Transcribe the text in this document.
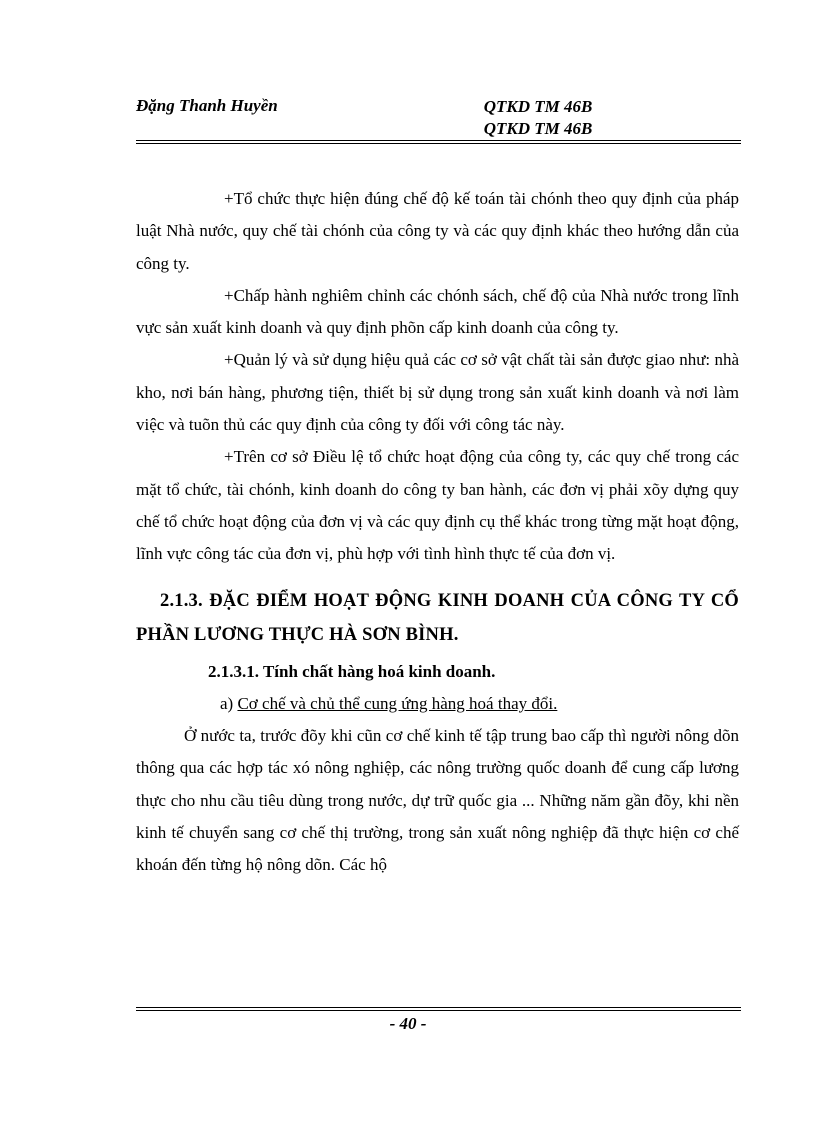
Đặng Thanh Huyền	QTKD TM 46B
QTKD TM 46B

+Tổ chức thực hiện đúng chế độ kế toán tài chónh theo quy định của pháp luật Nhà nước, quy chế tài chónh của công ty và các quy định khác theo hướng dẫn của công ty.

+Chấp hành nghiêm chỉnh các chónh sách, chế độ của Nhà nước trong lĩnh vực sản xuất kinh doanh và quy định phõn cấp kinh doanh của công ty.

+Quản lý và sử dụng hiệu quả các cơ sở vật chất tài sản được giao như: nhà kho, nơi bán hàng, phương tiện, thiết bị sử dụng trong sản xuất kinh doanh và nơi làm việc và tuõn thủ các quy định của công ty đối với công tác này.

+Trên cơ sở Điều lệ tổ chức hoạt động của công ty, các quy chế trong các mặt tổ chức, tài chónh, kinh doanh do công ty ban hành, các đơn vị phải xõy dựng quy chế tổ chức hoạt động của đơn vị và các quy định cụ thể khác trong từng mặt hoạt động, lĩnh vực công tác của đơn vị, phù hợp với tình hình thực tế của đơn vị.

2.1.3. ĐẶC ĐIỂM HOẠT ĐỘNG KINH DOANH CỦA CÔNG TY CỔ PHẦN LƯƠNG THỰC HÀ SƠN BÌNH.

2.1.3.1. Tính chất hàng hoá kinh doanh.

a) Cơ chế và chủ thể cung ứng hàng hoá thay đổi.

Ở nước ta, trước đõy khi cũn cơ chế kinh tế tập trung bao cấp thì người nông dõn thông qua các hợp tác xó nông nghiệp, các nông trường quốc doanh để cung cấp lương thực cho nhu cầu tiêu dùng trong nước, dự trữ quốc gia ... Những năm gần đõy, khi nền kinh tế chuyển sang cơ chế thị trường, trong sản xuất nông nghiệp đã thực hiện cơ chế khoán đến từng hộ nông dõn. Các hộ

- 40 -
